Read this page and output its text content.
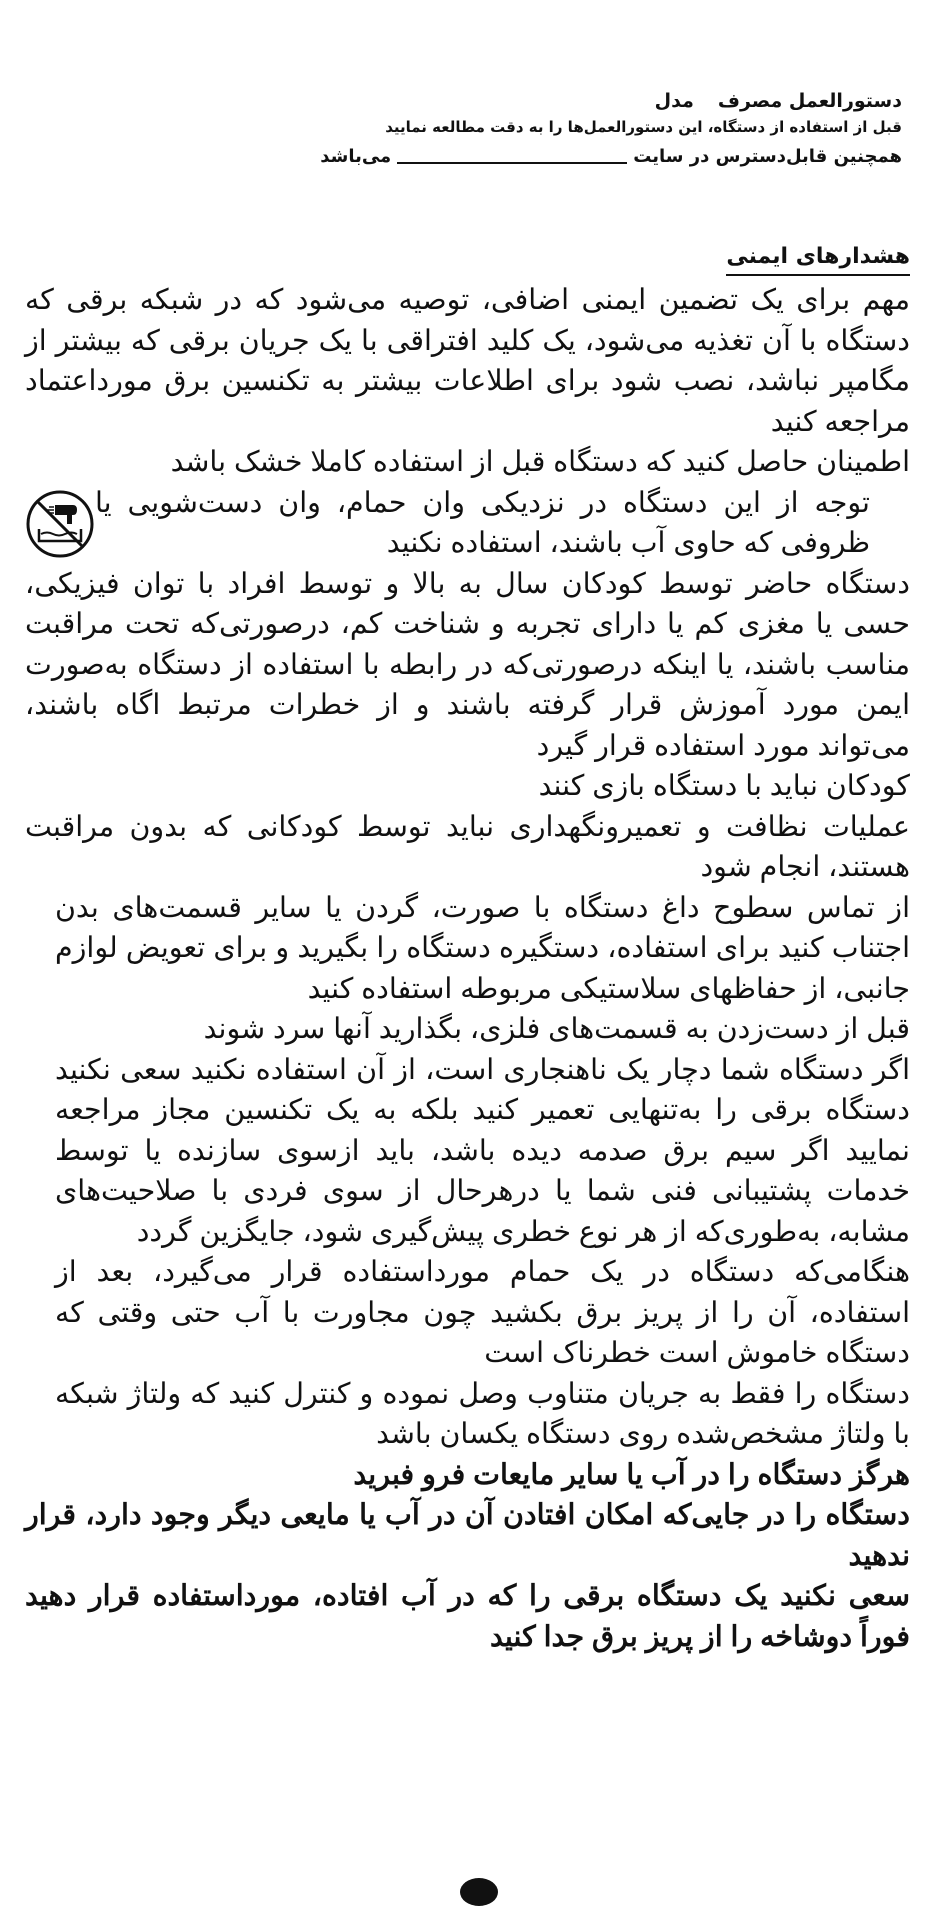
دستورالعمل مصرفمدل
قبل از استفاده از دستگاه، این دستورالعمل‌ها را به دقت مطالعه نمایید
همچنین قابل‌دسترس در سایتمی‌باشد
هشدارهای ایمنی

مهم برای یک تضمین ایمنی اضافی، توصیه می‌شود که در شبکه برقی که دستگاه با آن تغذیه می‌شود، یک کلید افتراقی با یک جریان برقی که بیشتر از مگامپر نباشد، نصب شود برای اطلاعات بیشتر به تکنسین برق مورداعتماد مراجعه کنید

اطمینان حاصل کنید که دستگاه قبل از استفاده کاملا خشک باشد

توجه از این دستگاه در نزدیکی وان حمام، وان دست‌شویی یا ظروفی که حاوی آب باشند، استفاده نکنید

دستگاه حاضر توسط کودکان سال به بالا و توسط افراد با توان فیزیکی، حسی یا مغزی کم یا دارای تجربه و شناخت کم، درصورتی‌که تحت مراقبت مناسب باشند، یا اینکه درصورتی‌که در رابطه با استفاده از دستگاه به‌صورت ایمن مورد آموزش قرار گرفته باشند و از خطرات مرتبط اگاه باشند، می‌تواند مورد استفاده قرار گیرد

کودکان نباید با دستگاه بازی کنند

عملیات نظافت و تعمیرونگهداری نباید توسط کودکانی که بدون مراقبت هستند، انجام شود

از تماس سطوح داغ دستگاه با صورت، گردن یا سایر قسمت‌های بدن اجتناب کنید برای استفاده، دستگیره دستگاه را بگیرید و برای تعویض لوازم جانبی، از حفاظهای سلاستیکی مربوطه استفاده کنید

قبل از دست‌زدن به قسمت‌های فلزی، بگذارید آنها سرد شوند

اگر دستگاه شما دچار یک ناهنجاری است، از آن استفاده نکنید سعی نکنید دستگاه برقی را به‌تنهایی تعمیر کنید بلکه به یک تکنسین مجاز مراجعه نمایید اگر سیم برق صدمه دیده باشد، باید ازسوی سازنده یا توسط خدمات پشتیبانی فنی شما یا درهرحال از سوی فردی با صلاحیت‌های مشابه، به‌طوری‌که از هر نوع خطری پیش‌گیری شود، جایگزین گردد

هنگامی‌که دستگاه در یک حمام مورداستفاده قرار می‌گیرد، بعد از استفاده، آن را از پریز برق بکشید چون مجاورت با آب حتی وقتی که دستگاه خاموش است خطرناک است

دستگاه را فقط به جریان متناوب وصل نموده و کنترل کنید که ولتاژ شبکه با ولتاژ مشخص‌شده روی دستگاه یکسان باشد

هرگز دستگاه را در آب یا سایر مایعات فرو فبرید

دستگاه را در جایی‌که امکان افتادن آن در آب یا مایعی دیگر وجود دارد، قرار ندهید

سعی نکنید یک دستگاه برقی را که در آب افتاده، مورداستفاده قرار دهید فوراً دوشاخه را از پریز برق جدا کنید
